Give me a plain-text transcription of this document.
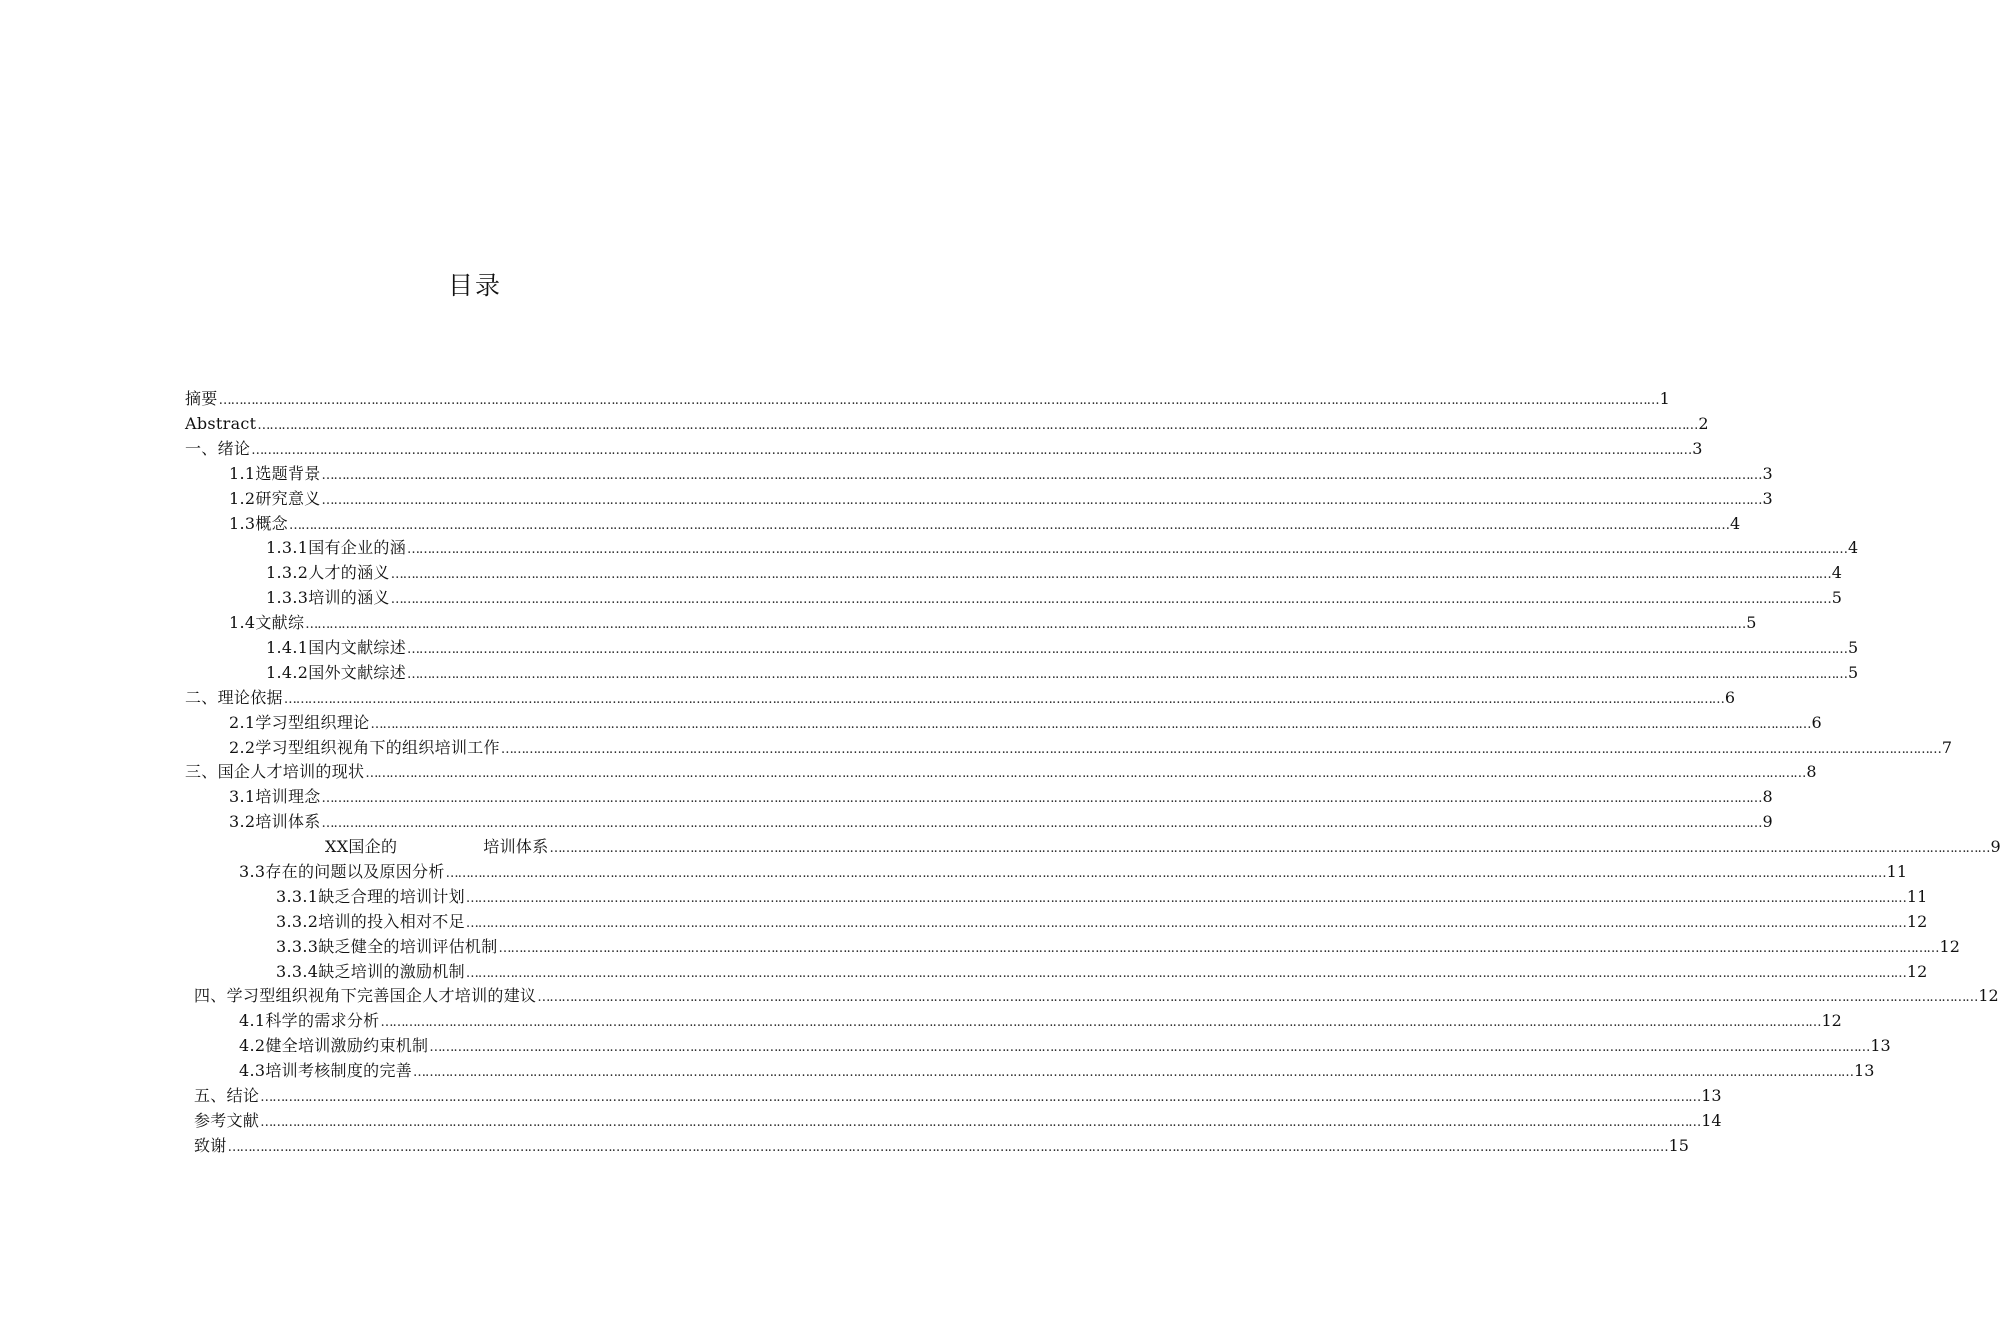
目录
摘要 ……………………………………………………………………………………………………………………………………………………………………………………………………………………………………………………………………………………………………………………………… 1
Abstract ……………………………………………………………………………………………………………………………………………………………………………………………………………………………………………………………………………………………………………………………… 2
一、绪论 ……………………………………………………………………………………………………………………………………………………………………………………………………………………………………………………………………………………………………………………………… 3
1.1选题背景 ……………………………………………………………………………………………………………………………………………………………………………………………………………………………………………………………………………………………………………………………… 3
1.2研究意义 ……………………………………………………………………………………………………………………………………………………………………………………………………………………………………………………………………………………………………………………………… 3
1.3概念 ……………………………………………………………………………………………………………………………………………………………………………………………………………………………………………………………………………………………………………………………… 4
1.3.1国有企业的涵 ……………………………………………………………………………………………………………………………………………………………………………………………………………………………………………………………………………………………………………………………… 4
1.3.2人才的涵义 ……………………………………………………………………………………………………………………………………………………………………………………………………………………………………………………………………………………………………………………………… 4
1.3.3培训的涵义 ……………………………………………………………………………………………………………………………………………………………………………………………………………………………………………………………………………………………………………………………… 5
1.4文献综 ……………………………………………………………………………………………………………………………………………………………………………………………………………………………………………………………………………………………………………………………… 5
1.4.1国内文献综述 ……………………………………………………………………………………………………………………………………………………………………………………………………………………………………………………………………………………………………………………………… 5
1.4.2国外文献综述 ……………………………………………………………………………………………………………………………………………………………………………………………………………………………………………………………………………………………………………………………… 5
二、理论依据 ……………………………………………………………………………………………………………………………………………………………………………………………………………………………………………………………………………………………………………………………… 6
2.1学习型组织理论 ……………………………………………………………………………………………………………………………………………………………………………………………………………………………………………………………………………………………………………………………… 6
2.2学习型组织视角下的组织培训工作 ……………………………………………………………………………………………………………………………………………………………………………………………………………………………………………………………………………………………………………………………… 7
三、国企人才培训的现状 ……………………………………………………………………………………………………………………………………………………………………………………………………………………………………………………………………………………………………………………………… 8
3.1培训理念 ……………………………………………………………………………………………………………………………………………………………………………………………………………………………………………………………………………………………………………………………… 8
3.2培训体系 ……………………………………………………………………………………………………………………………………………………………………………………………………………………………………………………………………………………………………………………………… 9
XX国企的	培训体系 ……………………………………………………………………………………………………………………………………………………………………………………………………………………………………………………………………………………………………………………………… 9
3.3存在的问题以及原因分析 ……………………………………………………………………………………………………………………………………………………………………………………………………………………………………………………………………………………………………………………………… 11
3.3.1缺乏合理的培训计划 ……………………………………………………………………………………………………………………………………………………………………………………………………………………………………………………………………………………………………………………………… 11
3.3.2培训的投入相对不足 ……………………………………………………………………………………………………………………………………………………………………………………………………………………………………………………………………………………………………………………………… 12
3.3.3缺乏健全的培训评估机制 ……………………………………………………………………………………………………………………………………………………………………………………………………………………………………………………………………………………………………………………………… 12
3.3.4缺乏培训的激励机制 ……………………………………………………………………………………………………………………………………………………………………………………………………………………………………………………………………………………………………………………………… 12
四、学习型组织视角下完善国企人才培训的建议 ……………………………………………………………………………………………………………………………………………………………………………………………………………………………………………………………………………………………………………………………… 12
4.1科学的需求分析 ……………………………………………………………………………………………………………………………………………………………………………………………………………………………………………………………………………………………………………………………… 12
4.2健全培训激励约束机制 ……………………………………………………………………………………………………………………………………………………………………………………………………………………………………………………………………………………………………………………………… 13
4.3培训考核制度的完善 ……………………………………………………………………………………………………………………………………………………………………………………………………………………………………………………………………………………………………………………………… 13
五、结论 ……………………………………………………………………………………………………………………………………………………………………………………………………………………………………………………………………………………………………………………………… 13
参考文献 ……………………………………………………………………………………………………………………………………………………………………………………………………………………………………………………………………………………………………………………………… 14
致谢 ……………………………………………………………………………………………………………………………………………………………………………………………………………………………………………………………………………………………………………………………… 15
